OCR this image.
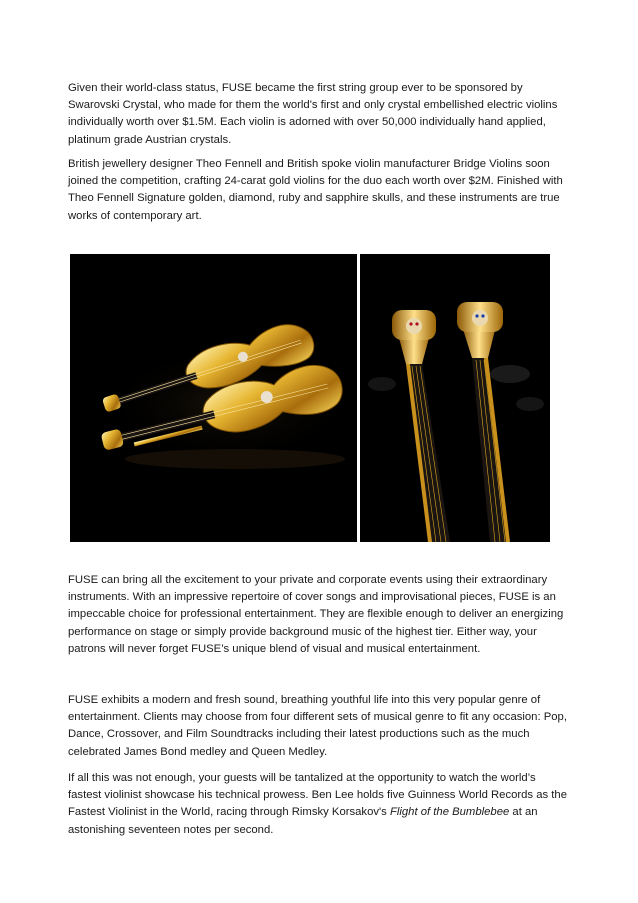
Given their world-class status, FUSE became the first string group ever to be sponsored by Swarovski Crystal, who made for them the world's first and only crystal embellished electric violins individually worth over $1.5M. Each violin is adorned with over 50,000 individually hand applied, platinum grade Austrian crystals.

British jewellery designer Theo Fennell and British spoke violin manufacturer Bridge Violins soon joined the competition, crafting 24-carat gold violins for the duo each worth over $2M. Finished with Theo Fennell Signature golden, diamond, ruby and sapphire skulls, and these instruments are true works of contemporary art.

FUSE can bring all the excitement to your private and corporate events using their extraordinary instruments. With an impressive repertoire of cover songs and improvisational pieces, FUSE is an impeccable choice for professional entertainment. They are flexible enough to deliver an energizing performance on stage or simply provide background music of the highest tier. Either way, your patrons will never forget FUSE’s unique blend of visual and musical entertainment.

FUSE exhibits a modern and fresh sound, breathing youthful life into this very popular genre of entertainment. Clients may choose from four different sets of musical genre to fit any occasion: Pop, Dance, Crossover, and Film Soundtracks including their latest productions such as the much celebrated James Bond medley and Queen Medley.

If all this was not enough, your guests will be tantalized at the opportunity to watch the world’s fastest violinist showcase his technical prowess. Ben Lee holds five Guinness World Records as the Fastest Violinist in the World, racing through Rimsky Korsakov's Flight of the Bumblebee at an astonishing seventeen notes per second.
